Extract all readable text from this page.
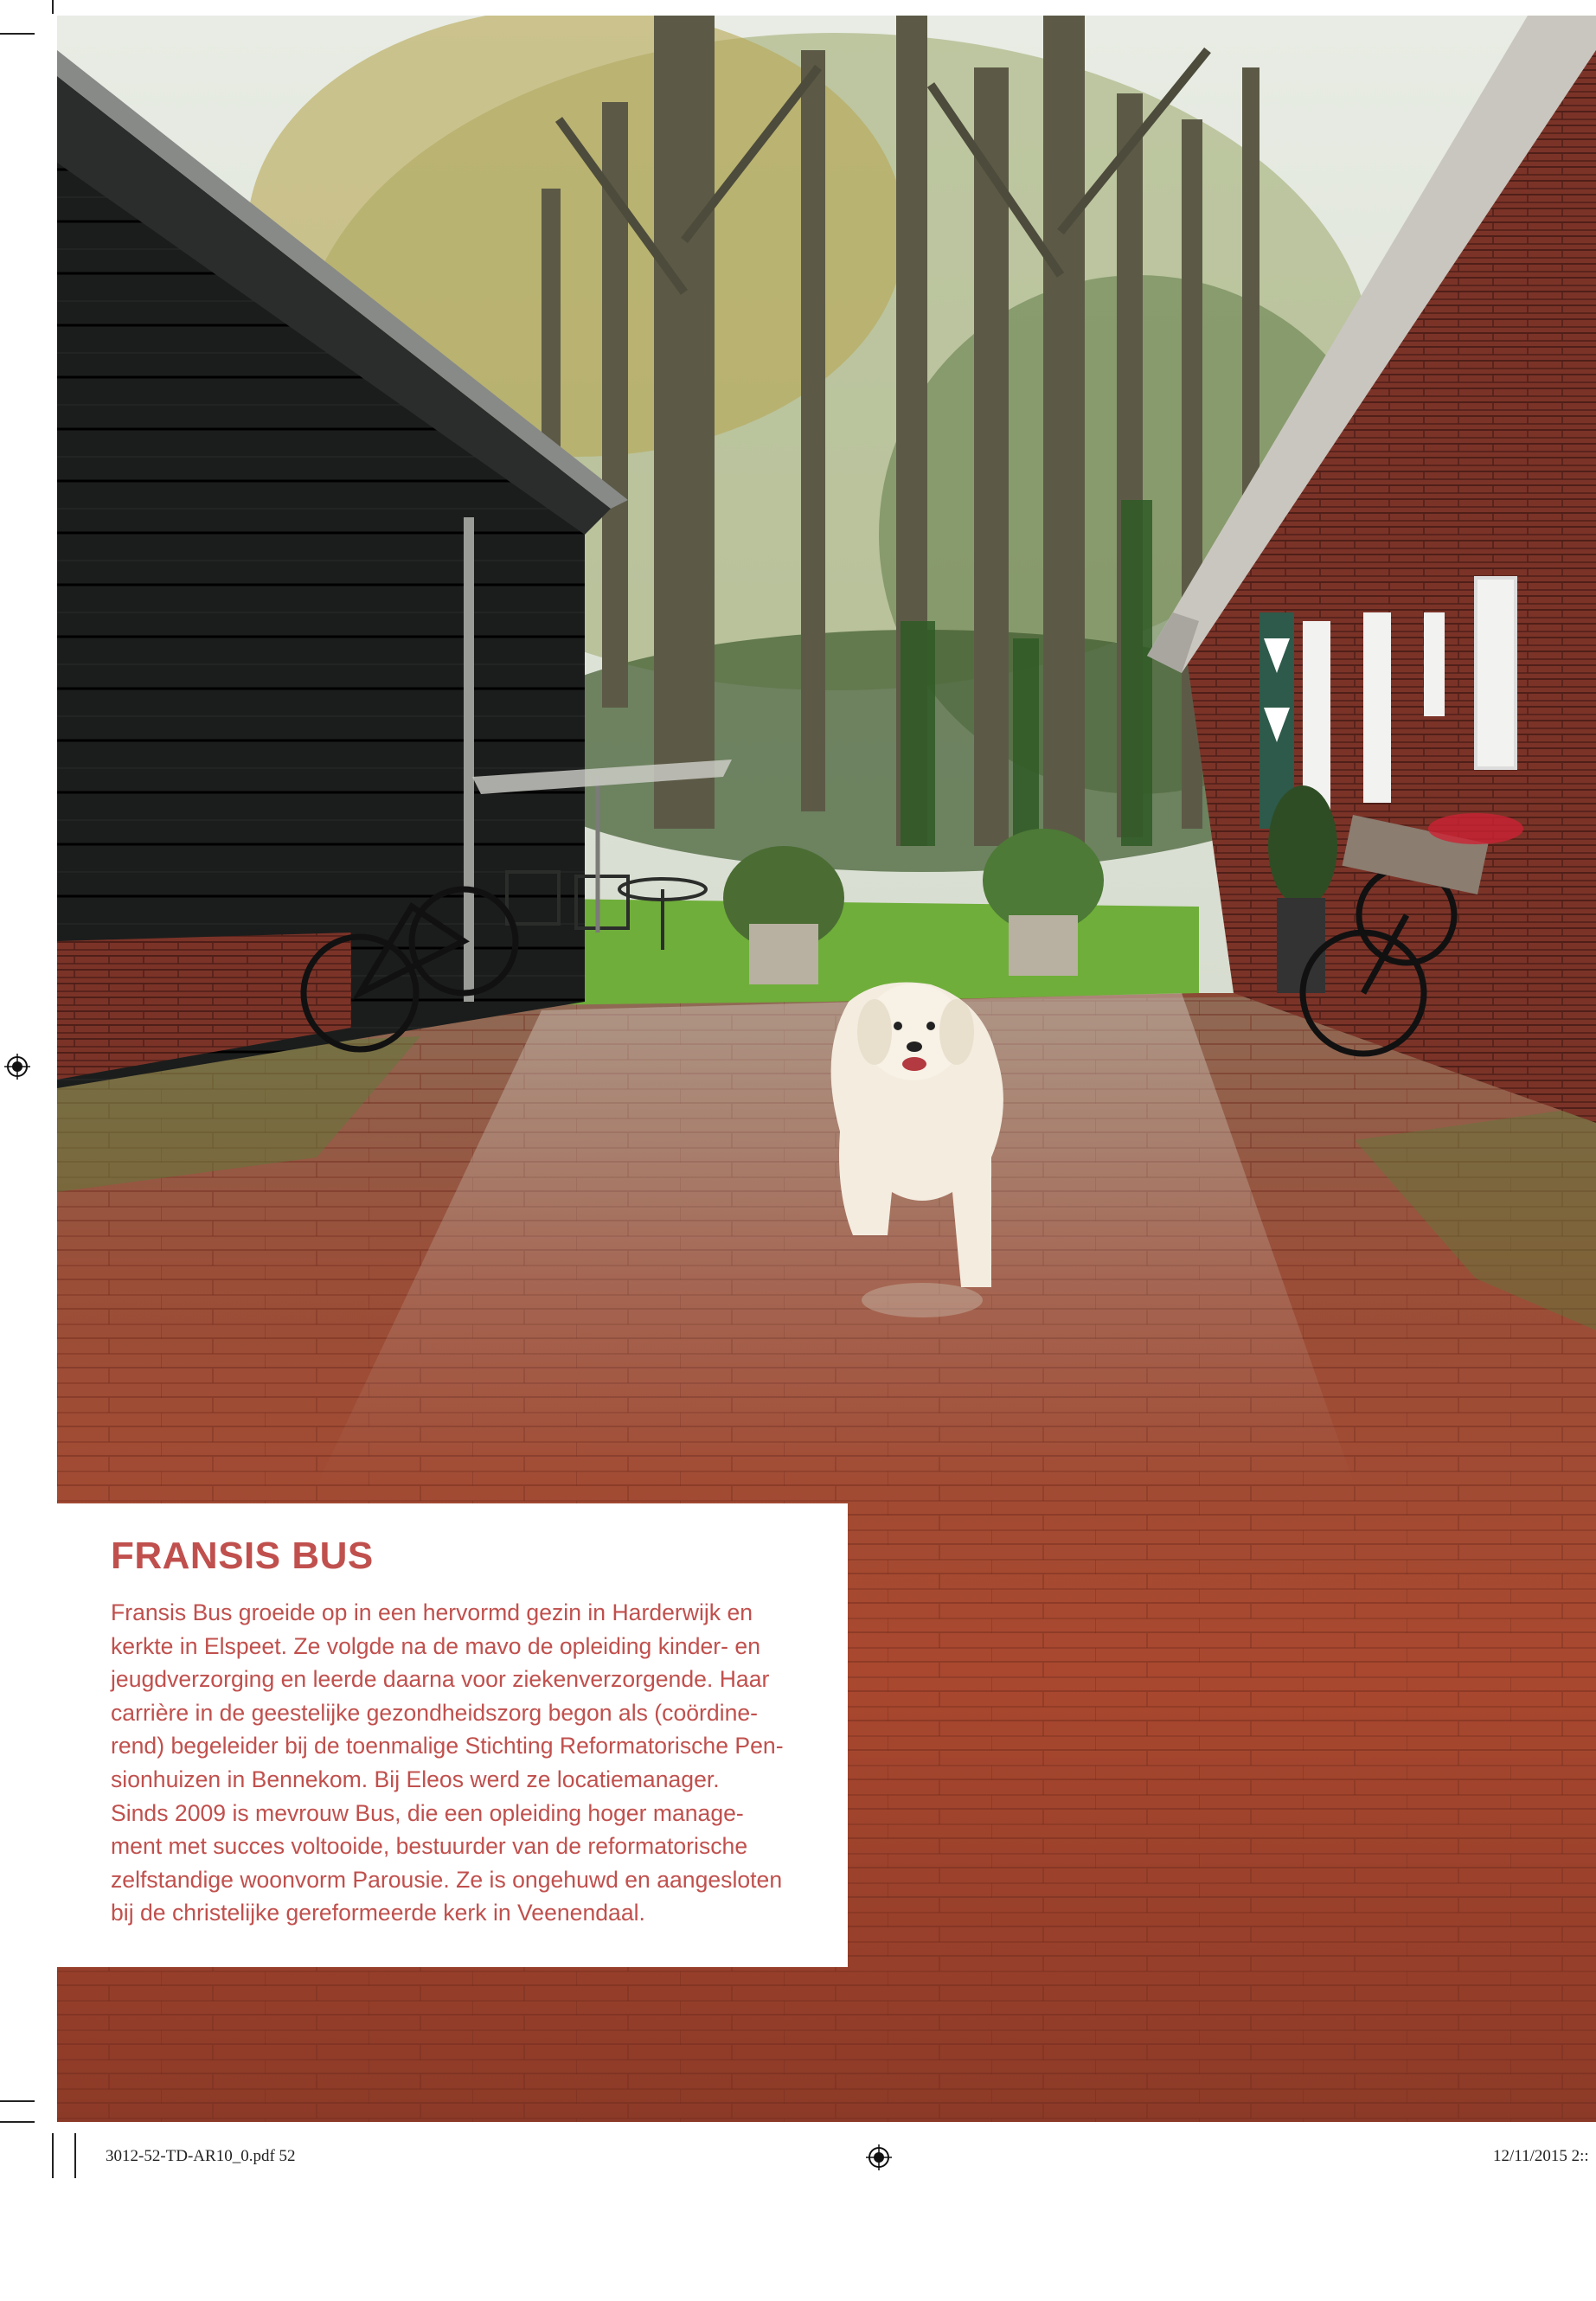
FRANSIS BUS

Fransis Bus groeide op in een hervormd gezin in Harderwijk en
kerkte in Elspeet. Ze volgde na de mavo de opleiding kinder- en
jeugdverzorging en leerde daarna voor ziekenverzorgende. Haar
carrière in de geestelijke gezondheidszorg begon als (coördine-
rend) begeleider bij de toenmalige Stichting Reformatorische Pen-
sionhuizen in Bennekom. Bij Eleos werd ze locatiemanager.
Sinds 2009 is mevrouw Bus, die een opleiding hoger manage-
ment met succes voltooide, bestuurder van de reformatorische
zelfstandige woonvorm Parousie. Ze is ongehuwd en aangesloten
bij de christelijke gereformeerde kerk in Veenendaal.

3012-52-TD-AR10_0.pdf 52	12/11/2015 2::
